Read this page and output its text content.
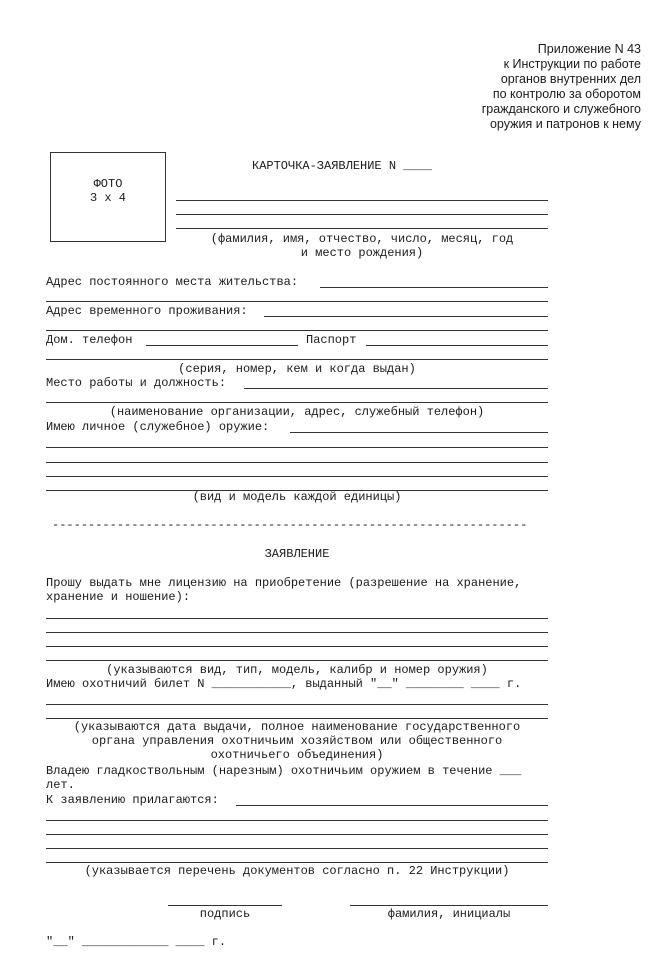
Приложение N 43
к Инструкции по работе
органов внутренних дел
по контролю за оборотом
гражданского и служебного
оружия и патронов к нему
ФОТО
3 x 4
КАРТОЧКА-ЗАЯВЛЕНИЕ N ____
(фамилия, имя, отчество, число, месяц, год
и место рождения)
Адрес постоянного места жительства:
Адрес временного проживания:
Дом. телефон	Паспорт
(серия, номер, кем и когда выдан)
Место работы и должность:
(наименование организации, адрес, служебный телефон)
Имею личное (служебное) оружие:
(вид и модель каждой единицы)
------------------------------------------------------------------
ЗАЯВЛЕНИЕ
Прошу выдать мне лицензию на приобретение (разрешение на хранение,
хранение и ношение):
(указываются вид, тип, модель, калибр и номер оружия)
Имею охотничий билет N ___________, выданный "__" ________ ____ г.
(указываются дата выдачи, полное наименование государственного
органа управления охотничьим хозяйством или общественного
охотничьего объединения)
Владею гладкоствольным (нарезным) охотничьим оружием в течение ___
лет.
К заявлению прилагаются:
(указывается перечень документов согласно п. 22 Инструкции)
подпись	фамилия, инициалы
"__" ____________ ____ г.
